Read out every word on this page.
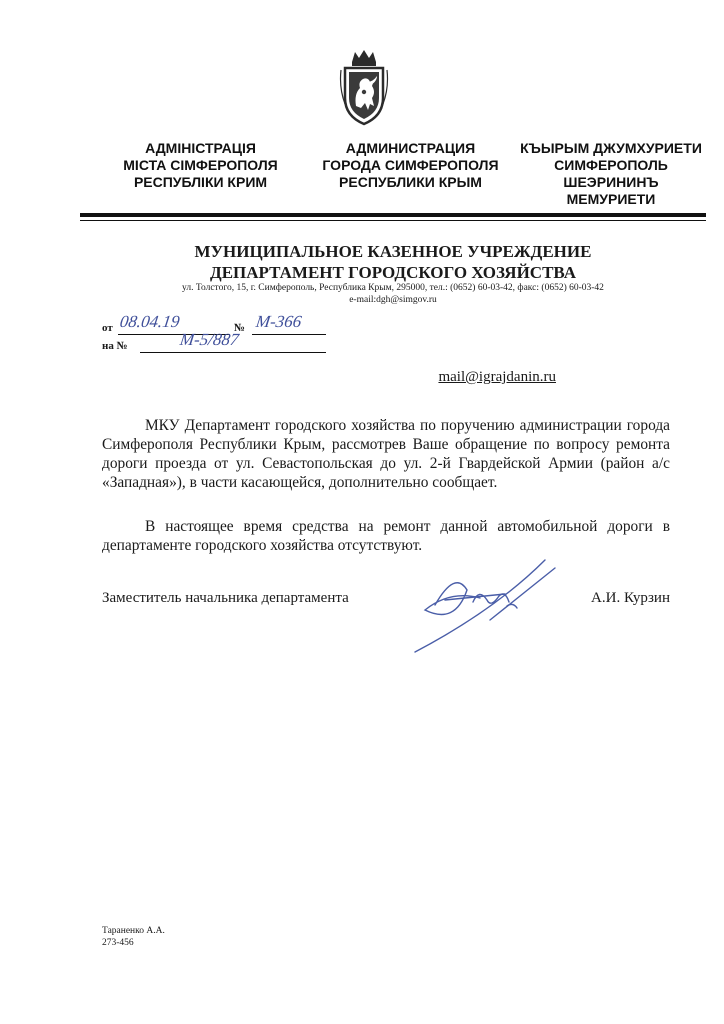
АДМІНІСТРАЦІЯ
МІСТА СІМФЕРОПОЛЯ
РЕСПУБЛІКИ КРИМ
АДМИНИСТРАЦИЯ
ГОРОДА СИМФЕРОПОЛЯ
РЕСПУБЛИКИ КРЫМ
КЪЫРЫМ ДЖУМХУРИЕТИ
СИМФЕРОПОЛЬ
ШЕЭРИНИНЪ
МЕМУРИЕТИ
МУНИЦИПАЛЬНОЕ КАЗЕННОЕ УЧРЕЖДЕНИЕ
ДЕПАРТАМЕНТ ГОРОДСКОГО ХОЗЯЙСТВА
ул. Толстого, 15, г. Симферополь, Республика Крым, 295000, тел.: (0652) 60-03-42, факс: (0652) 60-03-42
e-mail:dgh@simgov.ru
от 08.04.19	№ М-366
на №	М-5/887
mail@igrajdanin.ru
МКУ Департамент городского хозяйства по поручению администрации города Симферополя Республики Крым, рассмотрев Ваше обращение по вопросу ремонта дороги проезда от ул. Севастопольская до ул. 2-й Гвардейской Армии (район а/с «Западная»), в части касающейся, дополнительно сообщает.
В настоящее время средства на ремонт данной автомобильной дороги в департаменте городского хозяйства отсутствуют.
Заместитель начальника департамента	А.И. Курзин
Тараненко А.А.
273-456
